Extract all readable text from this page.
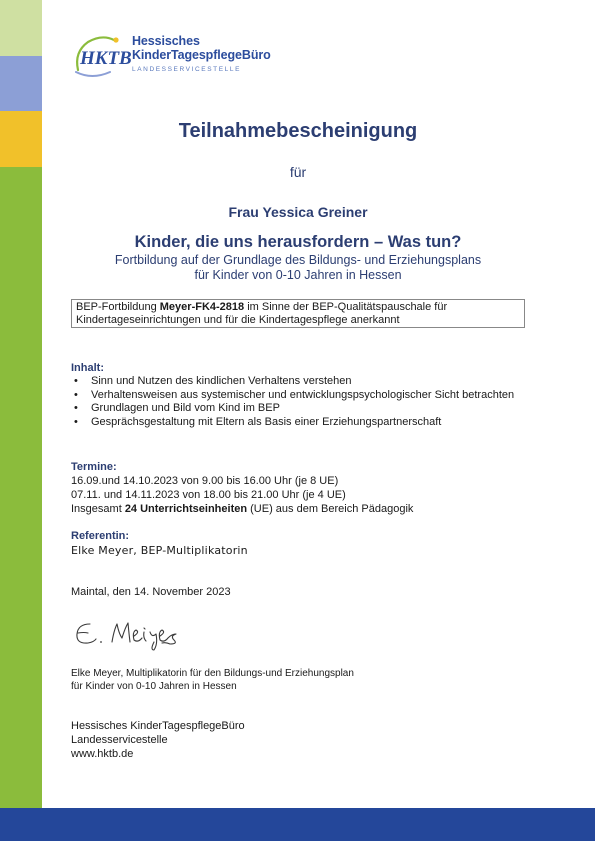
HKTB
Hessisches
KinderTagespflegeBüro
LANDESSERVICESTELLE
Teilnahmebescheinigung
für
Frau Yessica Greiner
Kinder, die uns herausfordern – Was tun?
Fortbildung auf der Grundlage des Bildungs- und Erziehungsplans
für Kinder von 0-10 Jahren in Hessen
BEP-Fortbildung Meyer-FK4-2818 im Sinne der BEP-Qualitätspauschale für
Kindertageseinrichtungen und für die Kindertagespflege anerkannt
Inhalt:
• Sinn und Nutzen des kindlichen Verhaltens verstehen
• Verhaltensweisen aus systemischer und entwicklungspsychologischer Sicht betrachten
• Grundlagen und Bild vom Kind im BEP
• Gesprächsgestaltung mit Eltern als Basis einer Erziehungspartnerschaft
Termine:
16.09.und 14.10.2023 von 9.00 bis 16.00 Uhr (je 8 UE)
07.11. und 14.11.2023 von 18.00 bis 21.00 Uhr (je 4 UE)
Insgesamt 24 Unterrichtseinheiten (UE) aus dem Bereich Pädagogik
Referentin:
Elke Meyer, BEP-Multiplikatorin
Maintal, den 14. November 2023
Elke Meyer, Multiplikatorin für den Bildungs-und Erziehungsplan
für Kinder von 0-10 Jahren in Hessen
Hessisches KinderTagespflegeBüro
Landesservicestelle
www.hktb.de
